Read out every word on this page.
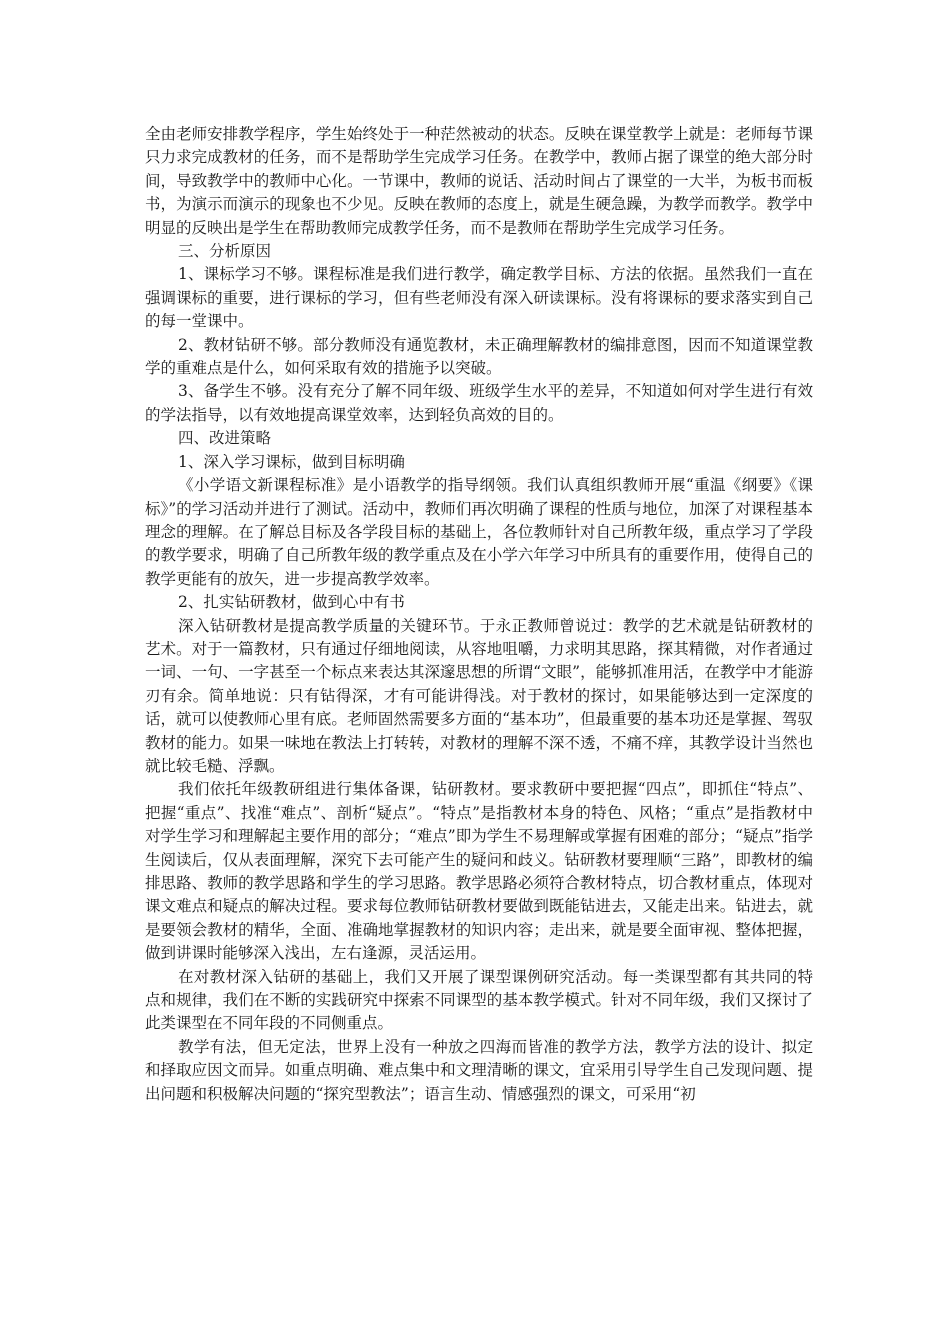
全由老师安排教学程序，学生始终处于一种茫然被动的状态。反映在课堂教学上就是：老师每节课只力求完成教材的任务，而不是帮助学生完成学习任务。在教学中，教师占据了课堂的绝大部分时间，导致教学中的教师中心化。一节课中，教师的说话、活动时间占了课堂的一大半，为板书而板书，为演示而演示的现象也不少见。反映在教师的态度上，就是生硬急躁，为教学而教学。教学中明显的反映出是学生在帮助教师完成教学任务，而不是教师在帮助学生完成学习任务。

三、分析原因

1、课标学习不够。课程标准是我们进行教学，确定教学目标、方法的依据。虽然我们一直在强调课标的重要，进行课标的学习，但有些老师没有深入研读课标。没有将课标的要求落实到自己的每一堂课中。

2、教材钻研不够。部分教师没有通览教材，未正确理解教材的编排意图，因而不知道课堂教学的重难点是什么，如何采取有效的措施予以突破。

3、备学生不够。没有充分了解不同年级、班级学生水平的差异，不知道如何对学生进行有效的学法指导，以有效地提高课堂效率，达到轻负高效的目的。

四、改进策略

1、深入学习课标，做到目标明确

《小学语文新课程标准》是小语教学的指导纲领。我们认真组织教师开展“重温《纲要》《课标》”的学习活动并进行了测试。活动中，教师们再次明确了课程的性质与地位，加深了对课程基本理念的理解。在了解总目标及各学段目标的基础上，各位教师针对自己所教年级，重点学习了学段的教学要求，明确了自己所教年级的教学重点及在小学六年学习中所具有的重要作用，使得自己的教学更能有的放矢，进一步提高教学效率。

2、扎实钻研教材，做到心中有书

深入钻研教材是提高教学质量的关键环节。于永正教师曾说过：教学的艺术就是钻研教材的艺术。对于一篇教材，只有通过仔细地阅读，从容地咀嚼，力求明其思路，探其精微，对作者通过一词、一句、一字甚至一个标点来表达其深邃思想的所谓“文眼”，能够抓准用活，在教学中才能游刃有余。简单地说：只有钻得深，才有可能讲得浅。对于教材的探讨，如果能够达到一定深度的话，就可以使教师心里有底。老师固然需要多方面的“基本功”，但最重要的基本功还是掌握、驾驭教材的能力。如果一味地在教法上打转转，对教材的理解不深不透，不痛不痒，其教学设计当然也就比较毛糙、浮飘。

我们依托年级教研组进行集体备课，钻研教材。要求教研中要把握“四点”，即抓住“特点”、把握“重点”、找准“难点”、剖析“疑点”。“特点”是指教材本身的特色、风格；“重点”是指教材中对学生学习和理解起主要作用的部分；“难点”即为学生不易理解或掌握有困难的部分；“疑点”指学生阅读后，仅从表面理解，深究下去可能产生的疑问和歧义。钻研教材要理顺“三路”，即教材的编排思路、教师的教学思路和学生的学习思路。教学思路必须符合教材特点，切合教材重点，体现对课文难点和疑点的解决过程。要求每位教师钻研教材要做到既能钻进去，又能走出来。钻进去，就是要领会教材的精华，全面、准确地掌握教材的知识内容；走出来，就是要全面审视、整体把握，做到讲课时能够深入浅出，左右逢源，灵活运用。

在对教材深入钻研的基础上，我们又开展了课型课例研究活动。每一类课型都有其共同的特点和规律，我们在不断的实践研究中探索不同课型的基本教学模式。针对不同年级，我们又探讨了此类课型在不同年段的不同侧重点。

教学有法，但无定法，世界上没有一种放之四海而皆准的教学方法，教学方法的设计、拟定和择取应因文而异。如重点明确、难点集中和文理清晰的课文，宜采用引导学生自己发现问题、提出问题和积极解决问题的“探究型教法”；语言生动、情感强烈的课文，可采用“初
